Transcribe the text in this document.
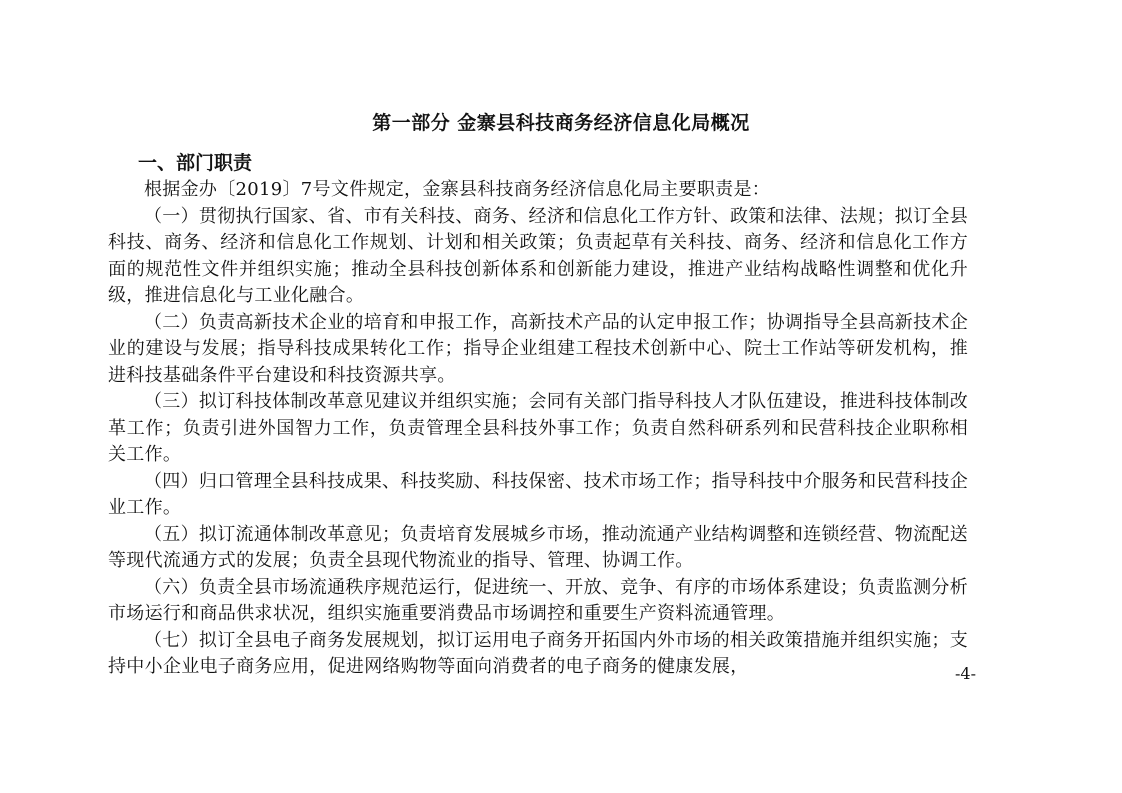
第一部分 金寨县科技商务经济信息化局概况

一、部门职责

根据金办〔2019〕7号文件规定，金寨县科技商务经济信息化局主要职责是：

（一）贯彻执行国家、省、市有关科技、商务、经济和信息化工作方针、政策和法律、法规；拟订全县科技、商务、经济和信息化工作规划、计划和相关政策；负责起草有关科技、商务、经济和信息化工作方面的规范性文件并组织实施；推动全县科技创新体系和创新能力建设，推进产业结构战略性调整和优化升级，推进信息化与工业化融合。

（二）负责高新技术企业的培育和申报工作，高新技术产品的认定申报工作；协调指导全县高新技术企业的建设与发展；指导科技成果转化工作；指导企业组建工程技术创新中心、院士工作站等研发机构，推进科技基础条件平台建设和科技资源共享。

（三）拟订科技体制改革意见建议并组织实施；会同有关部门指导科技人才队伍建设，推进科技体制改革工作；负责引进外国智力工作，负责管理全县科技外事工作；负责自然科研系列和民营科技企业职称相关工作。

（四）归口管理全县科技成果、科技奖励、科技保密、技术市场工作；指导科技中介服务和民营科技企业工作。

（五）拟订流通体制改革意见；负责培育发展城乡市场，推动流通产业结构调整和连锁经营、物流配送等现代流通方式的发展；负责全县现代物流业的指导、管理、协调工作。

（六）负责全县市场流通秩序规范运行，促进统一、开放、竞争、有序的市场体系建设；负责监测分析市场运行和商品供求状况，组织实施重要消费品市场调控和重要生产资料流通管理。

（七）拟订全县电子商务发展规划，拟订运用电子商务开拓国内外市场的相关政策措施并组织实施；支持中小企业电子商务应用，促进网络购物等面向消费者的电子商务的健康发展，	-4-
